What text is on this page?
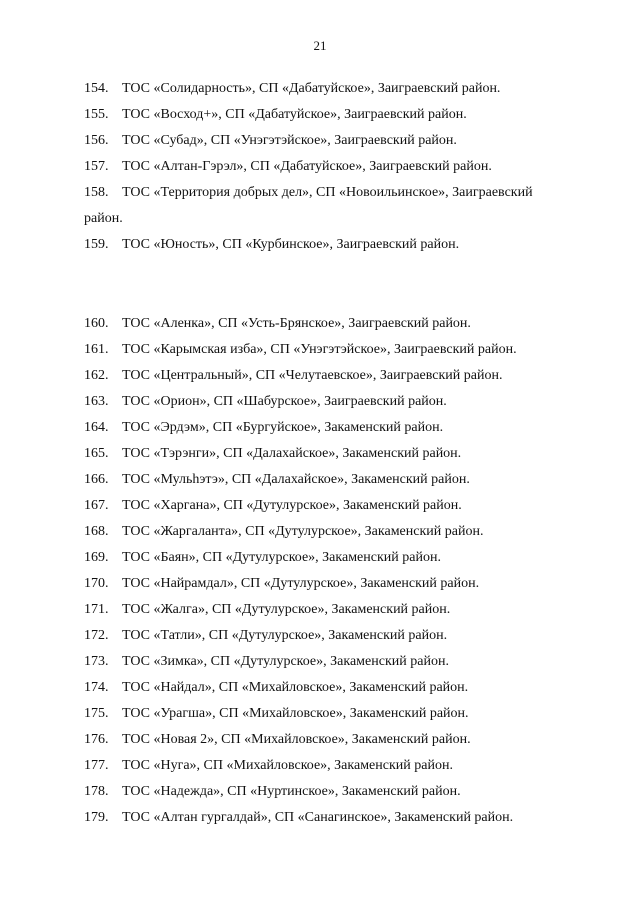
21
154. ТОС «Солидарность», СП «Дабатуйское», Заиграевский район.
155. ТОС «Восход+», СП «Дабатуйское», Заиграевский район.
156. ТОС «Субад», СП «Унэгэтэйское», Заиграевский район.
157. ТОС «Алтан-Гэрэл», СП «Дабатуйское», Заиграевский район.
158. ТОС «Территория добрых дел», СП «Новоильинское», Заиграевский район.
159. ТОС «Юность», СП «Курбинское», Заиграевский район.
160. ТОС «Аленка», СП «Усть-Брянское», Заиграевский район.
161. ТОС «Карымская изба», СП «Унэгэтэйское», Заиграевский район.
162. ТОС «Центральный», СП «Челутаевское», Заиграевский район.
163. ТОС «Орион», СП «Шабурское», Заиграевский район.
164. ТОС «Эрдэм», СП «Бургуйское», Закаменский район.
165. ТОС «Тэрэнги», СП «Далахайское», Закаменский район.
166. ТОС «Мульһэтэ», СП «Далахайское», Закаменский район.
167. ТОС «Харгана», СП «Дутулурское», Закаменский район.
168. ТОС «Жаргаланта», СП «Дутулурское», Закаменский район.
169. ТОС «Баян», СП «Дутулурское», Закаменский район.
170. ТОС «Найрамдал», СП «Дутулурское», Закаменский район.
171. ТОС «Жалга», СП «Дутулурское», Закаменский район.
172. ТОС «Татли», СП «Дутулурское», Закаменский район.
173. ТОС «Зимка», СП «Дутулурское», Закаменский район.
174. ТОС «Найдал», СП «Михайловское», Закаменский район.
175. ТОС «Урагша», СП «Михайловское», Закаменский район.
176. ТОС «Новая 2», СП «Михайловское», Закаменский район.
177. ТОС «Нуга», СП «Михайловское», Закаменский район.
178. ТОС «Надежда», СП «Нуртинское», Закаменский район.
179. ТОС «Алтан гургалдай», СП «Санагинское», Закаменский район.
